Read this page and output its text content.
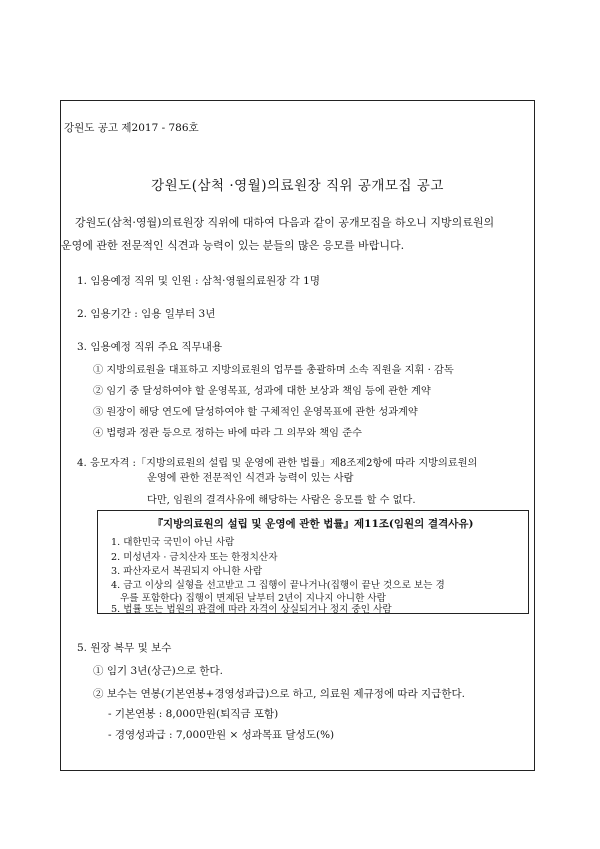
강원도 공고 제2017 - 786호
강원도(삼척 ·영월)의료원장 직위 공개모집 공고
강원도(삼척·영월)의료원장 직위에 대하여 다음과 같이 공개모집을 하오니 지방의료원의
운영에 관한 전문적인 식견과 능력이 있는 분들의 많은 응모를 바랍니다.
1. 임용예정 직위 및 인원 : 삼척·영월의료원장 각 1명
2. 임용기간 : 임용 일부터 3년
3. 임용예정 직위 주요 직무내용
① 지방의료원을 대표하고 지방의료원의 업무를 총괄하며 소속 직원을 지휘 · 감독
② 임기 중 달성하여야 할 운영목표, 성과에 대한 보상과 책임 등에 관한 계약
③ 원장이 해당 연도에 달성하여야 할 구체적인 운영목표에 관한 성과계약
④ 법령과 정관 등으로 정하는 바에 따라 그 의무와 책임 준수
4. 응모자격 :「지방의료원의 설립 및 운영에 관한 법률」제8조제2항에 따라 지방의료원의
운영에 관한 전문적인 식견과 능력이 있는 사람
다만, 임원의 결격사유에 해당하는 사람은 응모를 할 수 없다.
『지방의료원의 설립 및 운영에 관한 법률』제11조(임원의 결격사유)
1. 대한민국 국민이 아닌 사람
2. 미성년자 · 금치산자 또는 한정치산자
3. 파산자로서 복권되지 아니한 사람
4. 금고 이상의 실형을 선고받고 그 집행이 끝나거나(집행이 끝난 것으로 보는 경
우를 포함한다) 집행이 면제된 날부터 2년이 지나지 아니한 사람
5. 법률 또는 법원의 판결에 따라 자격이 상실되거나 정지 중인 사람
5. 원장 복무 및 보수
① 임기 3년(상근)으로 한다.
② 보수는 연봉(기본연봉+경영성과급)으로 하고, 의료원 제규정에 따라 지급한다.
- 기본연봉 : 8,000만원(퇴직금 포함)
- 경영성과급 : 7,000만원 × 성과목표 달성도(%)
